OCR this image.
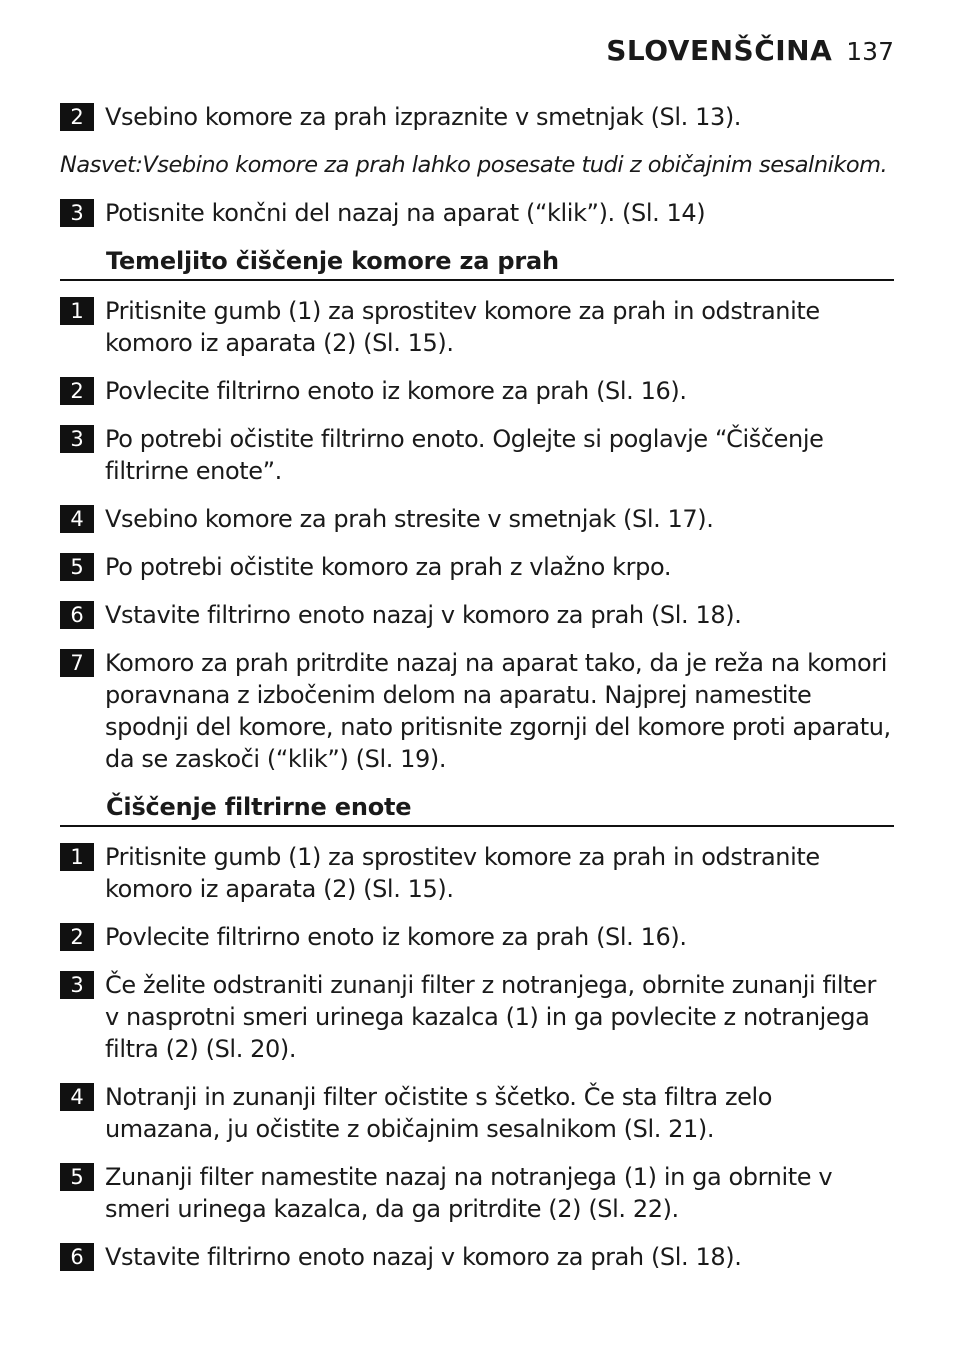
SLOVENŠČINA 137
2 Vsebino komore za prah izpraznite v smetnjak (Sl. 13).
Nasvet:Vsebino komore za prah lahko posesate tudi z običajnim sesalnikom.
3 Potisnite končni del nazaj na aparat (“klik”). (Sl. 14)
Temeljito čiščenje komore za prah
1 Pritisnite gumb (1) za sprostitev komore za prah in odstranite komoro iz aparata (2) (Sl. 15).
2 Povlecite filtrirno enoto iz komore za prah (Sl. 16).
3 Po potrebi očistite filtrirno enoto. Oglejte si poglavje “Čiščenje filtrirne enote”.
4 Vsebino komore za prah stresite v smetnjak (Sl. 17).
5 Po potrebi očistite komoro za prah z vlažno krpo.
6 Vstavite filtrirno enoto nazaj v komoro za prah (Sl. 18).
7 Komoro za prah pritrdite nazaj na aparat tako, da je reža na komori poravnana z izbočenim delom na aparatu. Najprej namestite spodnji del komore, nato pritisnite zgornji del komore proti aparatu, da se zaskoči (“klik”) (Sl. 19).
Čiščenje filtrirne enote
1 Pritisnite gumb (1) za sprostitev komore za prah in odstranite komoro iz aparata (2) (Sl. 15).
2 Povlecite filtrirno enoto iz komore za prah (Sl. 16).
3 Če želite odstraniti zunanji filter z notranjega, obrnite zunanji filter v nasprotni smeri urinega kazalca (1) in ga povlecite z notranjega filtra (2) (Sl. 20).
4 Notranji in zunanji filter očistite s ščetko. Če sta filtra zelo umazana, ju očistite z običajnim sesalnikom (Sl. 21).
5 Zunanji filter namestite nazaj na notranjega (1) in ga obrnite v smeri urinega kazalca, da ga pritrdite (2) (Sl. 22).
6 Vstavite filtrirno enoto nazaj v komoro za prah (Sl. 18).
